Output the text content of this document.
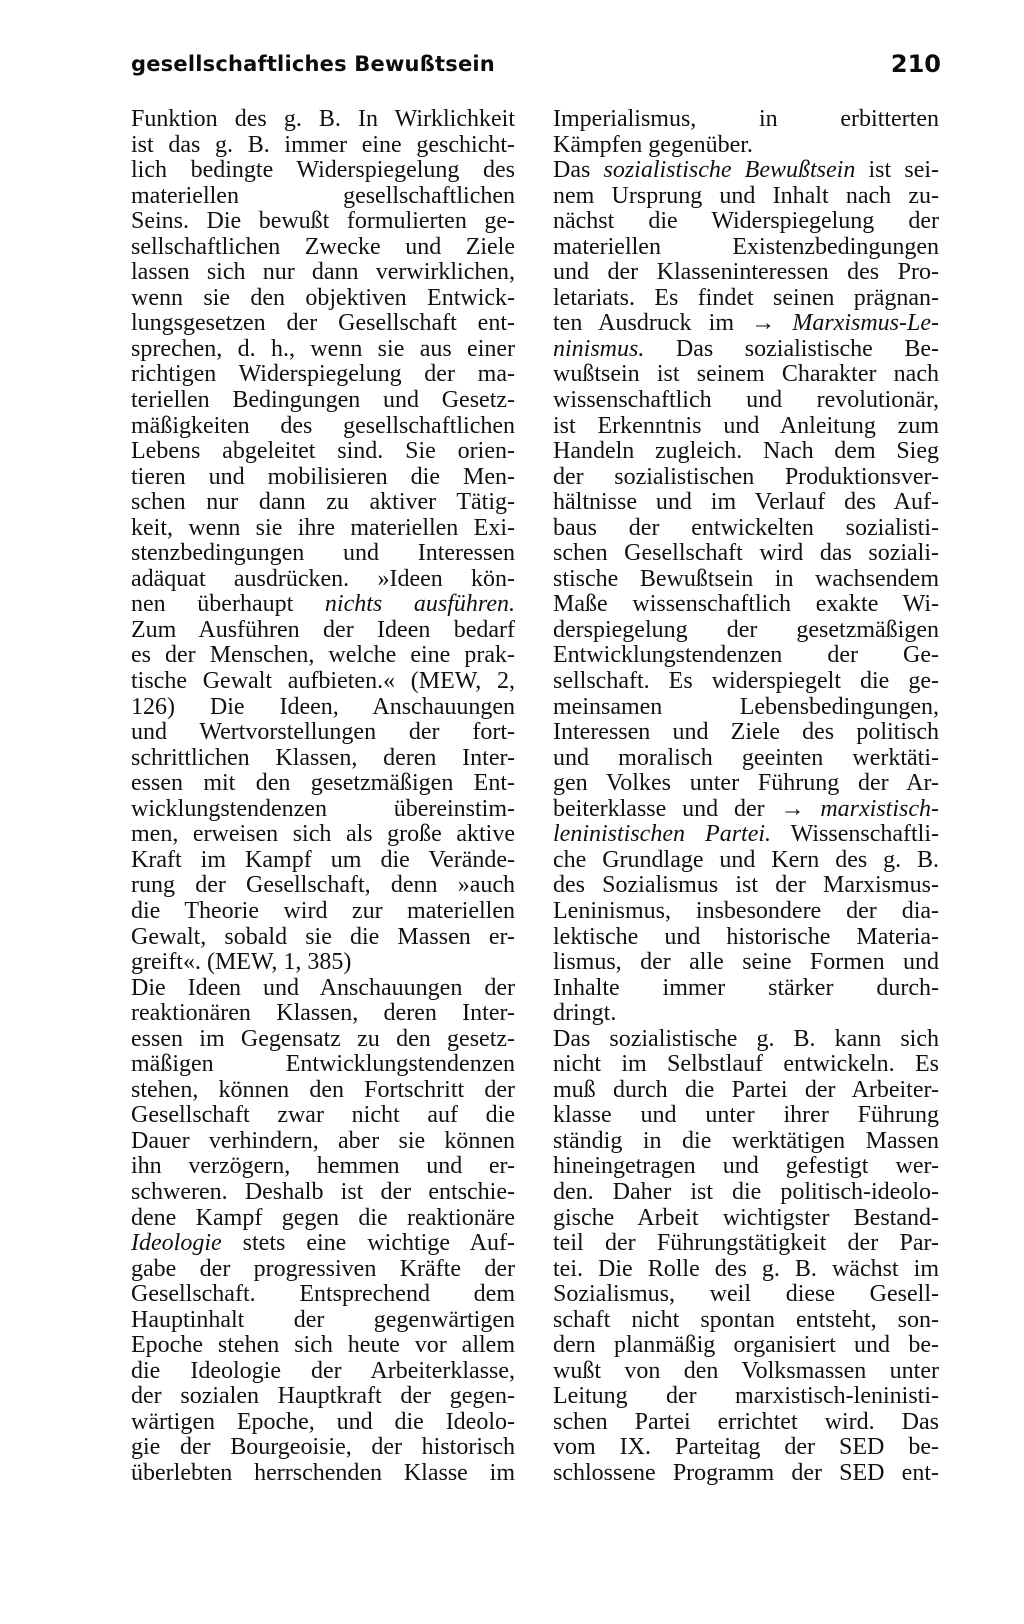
gesellschaftliches Bewußtsein	210
Funktion des g. B. In Wirklichkeit
ist das g. B. immer eine geschicht-
lich bedingte Widerspiegelung des
materiellen gesellschaftlichen
Seins. Die bewußt formulierten ge-
sellschaftlichen Zwecke und Ziele
lassen sich nur dann verwirklichen,
wenn sie den objektiven Entwick-
lungsgesetzen der Gesellschaft ent-
sprechen, d. h., wenn sie aus einer
richtigen Widerspiegelung der ma-
teriellen Bedingungen und Gesetz-
mäßigkeiten des gesellschaftlichen
Lebens abgeleitet sind. Sie orien-
tieren und mobilisieren die Men-
schen nur dann zu aktiver Tätig-
keit, wenn sie ihre materiellen Exi-
stenzbedingungen und Interessen
adäquat ausdrücken. »Ideen kön-
nen überhaupt nichts ausführen.
Zum Ausführen der Ideen bedarf
es der Menschen, welche eine prak-
tische Gewalt aufbieten.« (MEW, 2,
126) Die Ideen, Anschauungen
und Wertvorstellungen der fort-
schrittlichen Klassen, deren Inter-
essen mit den gesetzmäßigen Ent-
wicklungstendenzen übereinstim-
men, erweisen sich als große aktive
Kraft im Kampf um die Verände-
rung der Gesellschaft, denn »auch
die Theorie wird zur materiellen
Gewalt, sobald sie die Massen er-
greift«. (MEW, 1, 385)
Die Ideen und Anschauungen der
reaktionären Klassen, deren Inter-
essen im Gegensatz zu den gesetz-
mäßigen Entwicklungstendenzen
stehen, können den Fortschritt der
Gesellschaft zwar nicht auf die
Dauer verhindern, aber sie können
ihn verzögern, hemmen und er-
schweren. Deshalb ist der entschie-
dene Kampf gegen die reaktionäre
Ideologie stets eine wichtige Auf-
gabe der progressiven Kräfte der
Gesellschaft. Entsprechend dem
Hauptinhalt der gegenwärtigen
Epoche stehen sich heute vor allem
die Ideologie der Arbeiterklasse,
der sozialen Hauptkraft der gegen-
wärtigen Epoche, und die Ideolo-
gie der Bourgeoisie, der historisch
überlebten herrschenden Klasse im
Imperialismus, in erbitterten
Kämpfen gegenüber.
Das sozialistische Bewußtsein ist sei-
nem Ursprung und Inhalt nach zu-
nächst die Widerspiegelung der
materiellen Existenzbedingungen
und der Klasseninteressen des Pro-
letariats. Es findet seinen prägnan-
ten Ausdruck im → Marxismus-Le-
ninismus. Das sozialistische Be-
wußtsein ist seinem Charakter nach
wissenschaftlich und revolutionär,
ist Erkenntnis und Anleitung zum
Handeln zugleich. Nach dem Sieg
der sozialistischen Produktionsver-
hältnisse und im Verlauf des Auf-
baus der entwickelten sozialisti-
schen Gesellschaft wird das soziali-
stische Bewußtsein in wachsendem
Maße wissenschaftlich exakte Wi-
derspiegelung der gesetzmäßigen
Entwicklungstendenzen der Ge-
sellschaft. Es widerspiegelt die ge-
meinsamen Lebensbedingungen,
Interessen und Ziele des politisch
und moralisch geeinten werktäti-
gen Volkes unter Führung der Ar-
beiterklasse und der → marxistisch-
leninistischen Partei. Wissenschaftli-
che Grundlage und Kern des g. B.
des Sozialismus ist der Marxismus-
Leninismus, insbesondere der dia-
lektische und historische Materia-
lismus, der alle seine Formen und
Inhalte immer stärker durch-
dringt.
Das sozialistische g. B. kann sich
nicht im Selbstlauf entwickeln. Es
muß durch die Partei der Arbeiter-
klasse und unter ihrer Führung
ständig in die werktätigen Massen
hineingetragen und gefestigt wer-
den. Daher ist die politisch-ideolo-
gische Arbeit wichtigster Bestand-
teil der Führungstätigkeit der Par-
tei. Die Rolle des g. B. wächst im
Sozialismus, weil diese Gesell-
schaft nicht spontan entsteht, son-
dern planmäßig organisiert und be-
wußt von den Volksmassen unter
Leitung der marxistisch-leninisti-
schen Partei errichtet wird. Das
vom IX. Parteitag der SED be-
schlossene Programm der SED ent-
